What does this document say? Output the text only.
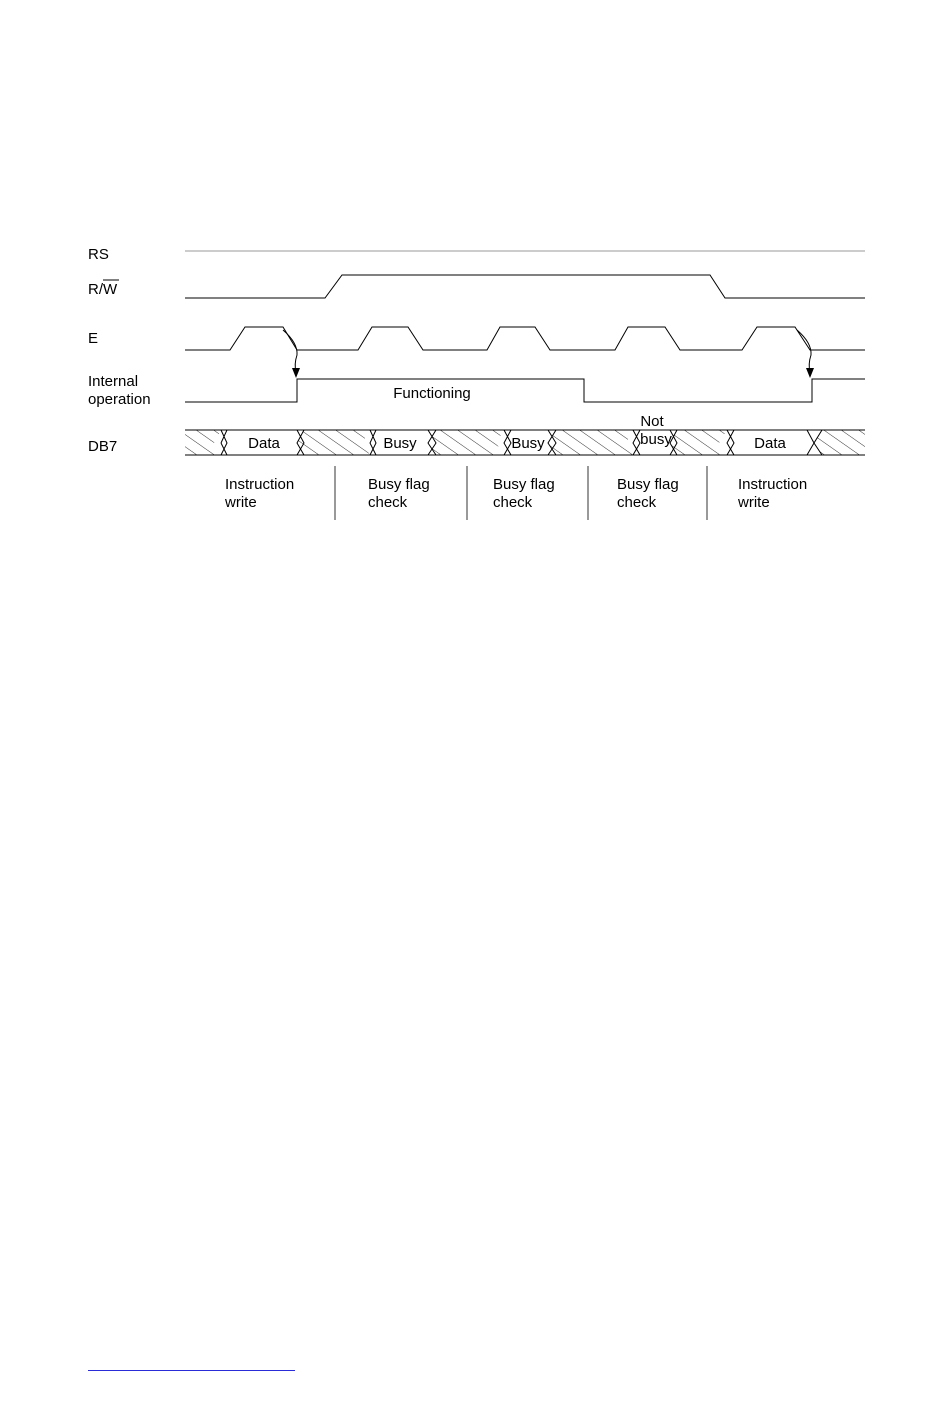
RS
R/W
E
Internal
operation
DB7
Functioning
Data	Busy	Busy
Not
busy	Data
Instruction
write
Busy flag
check
Busy flag
check
Busy flag
check
Instruction
write
